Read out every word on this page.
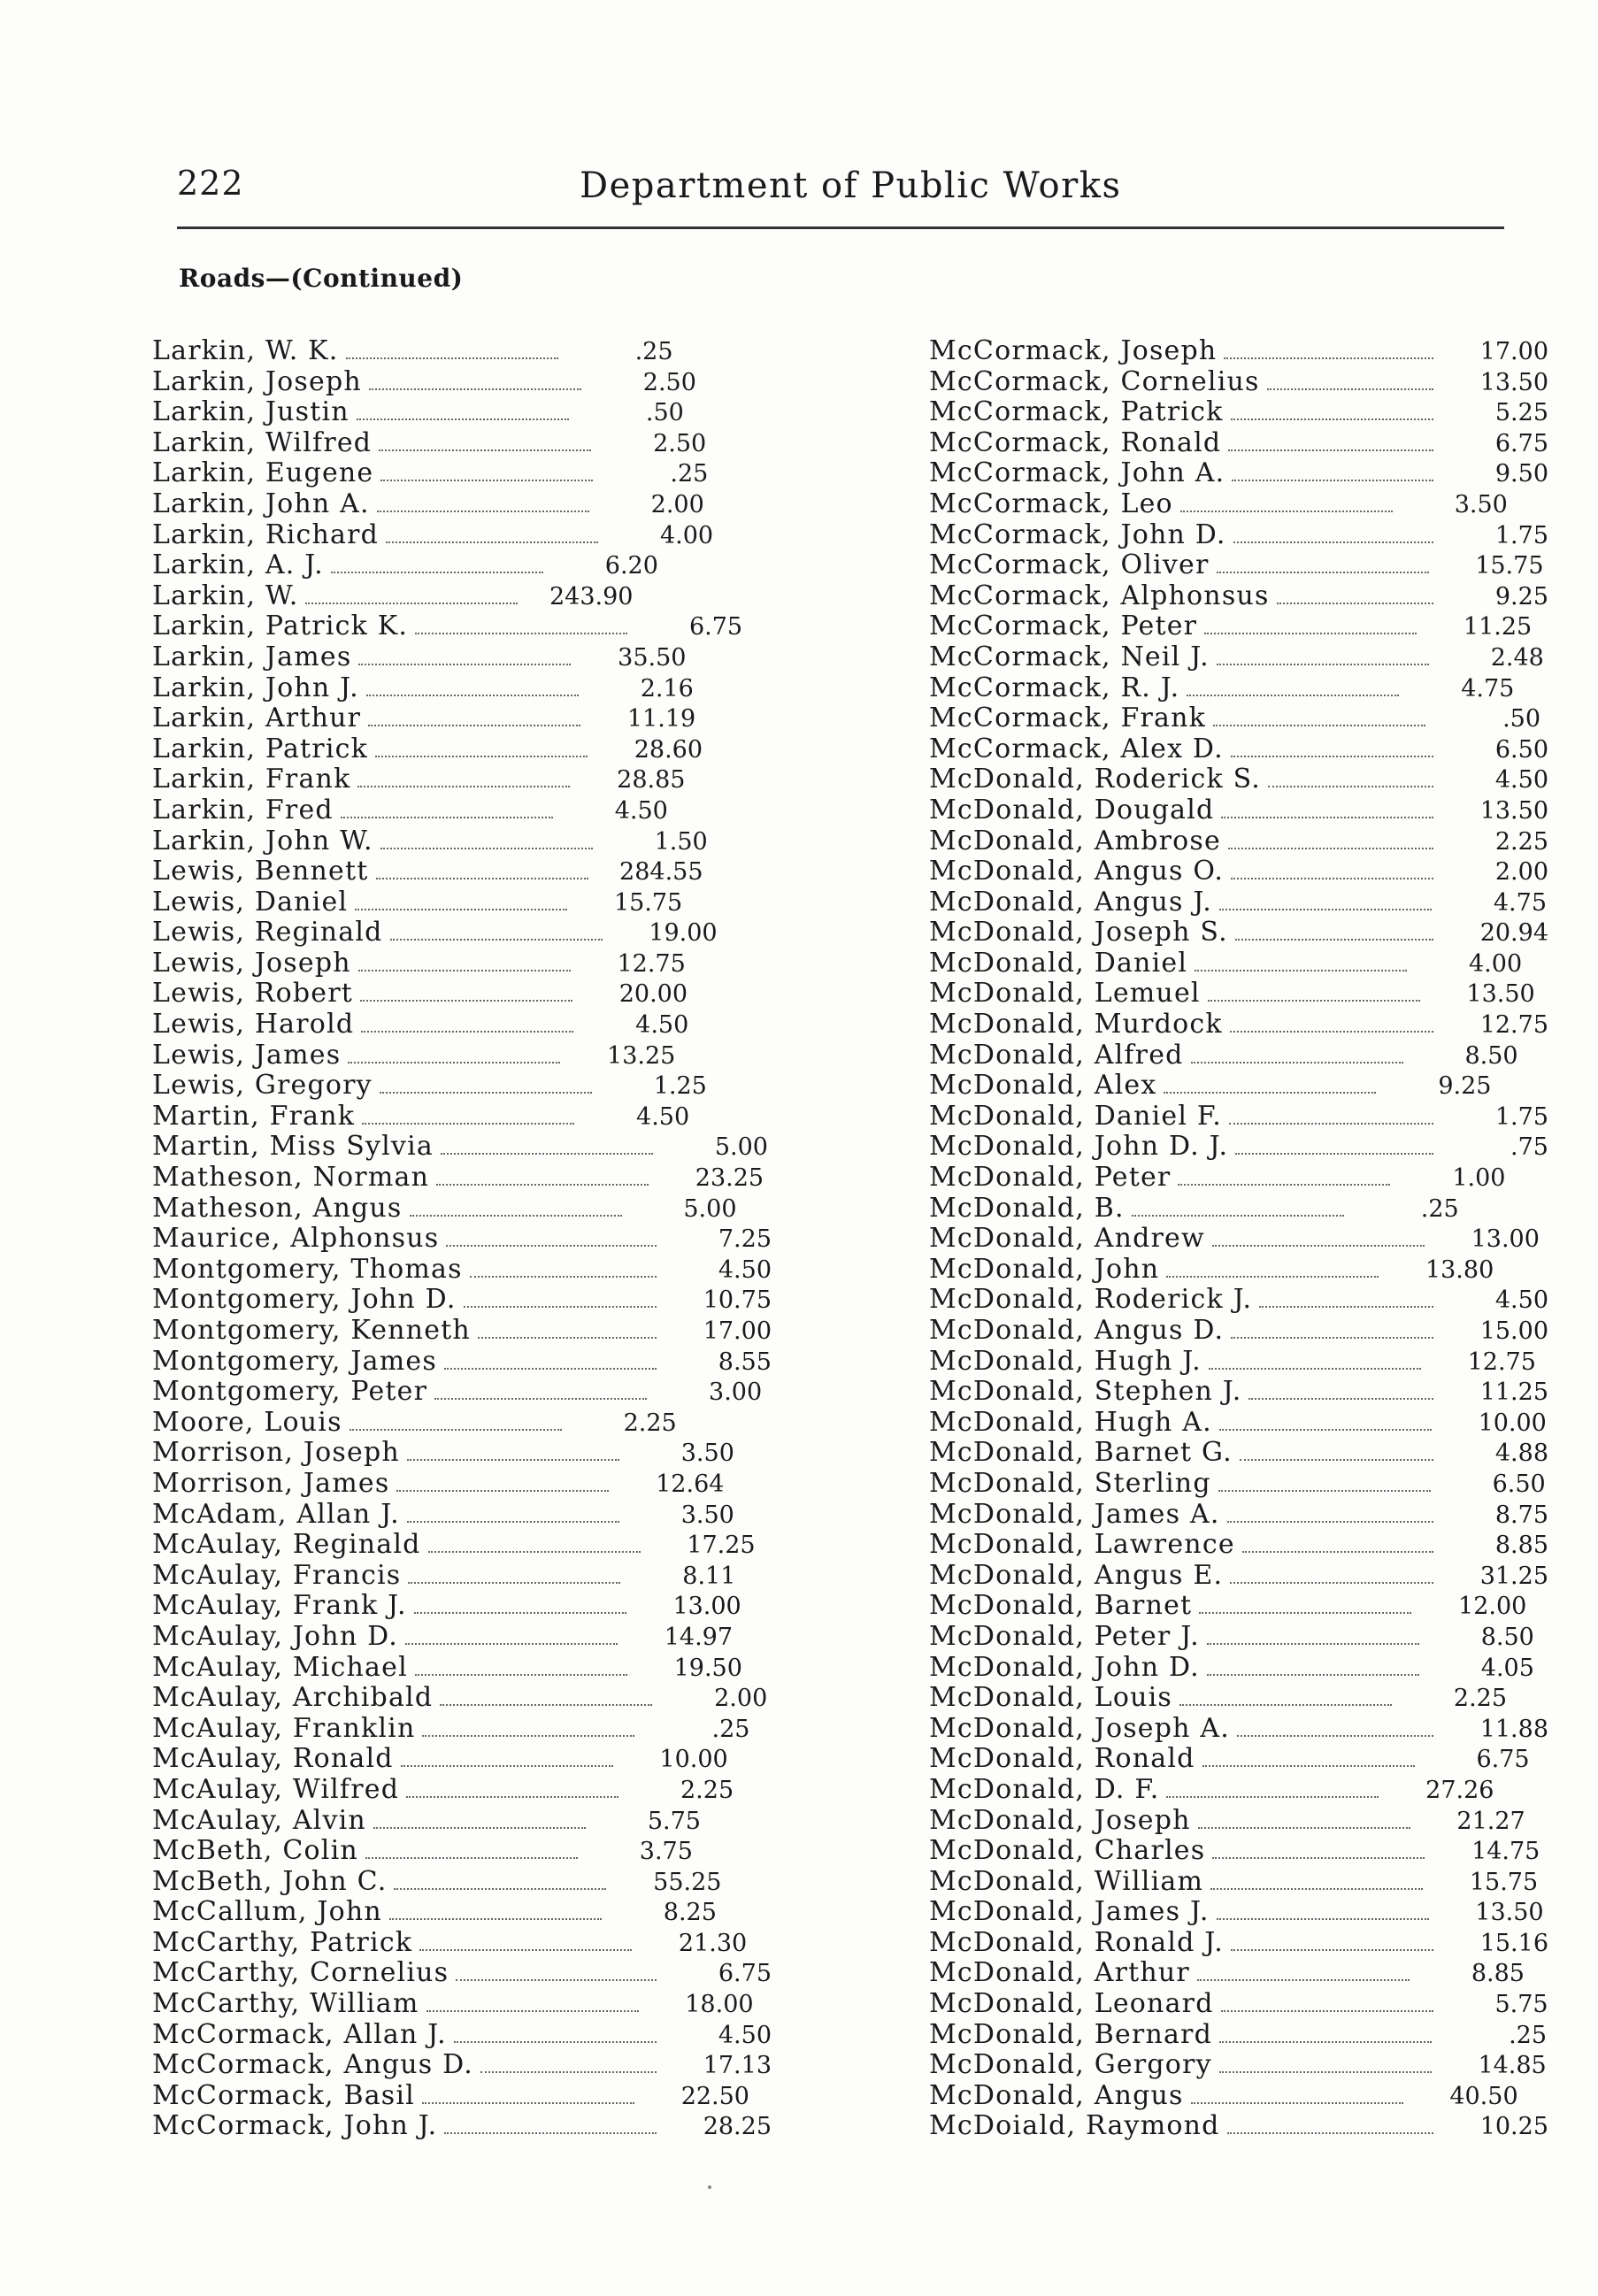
222	Department of Public Works
Roads—(Continued)
Larkin, W. K.	.25
Larkin, Joseph	2.50
Larkin, Justin	.50
Larkin, Wilfred	2.50
Larkin, Eugene	.25
Larkin, John A.	2.00
Larkin, Richard	4.00
Larkin, A. J.	6.20
Larkin, W.	243.90
Larkin, Patrick K.	6.75
Larkin, James	35.50
Larkin, John J.	2.16
Larkin, Arthur	11.19
Larkin, Patrick	28.60
Larkin, Frank	28.85
Larkin, Fred	4.50
Larkin, John W.	1.50
Lewis, Bennett	284.55
Lewis, Daniel	15.75
Lewis, Reginald	19.00
Lewis, Joseph	12.75
Lewis, Robert	20.00
Lewis, Harold	4.50
Lewis, James	13.25
Lewis, Gregory	1.25
Martin, Frank	4.50
Martin, Miss Sylvia	5.00
Matheson, Norman	23.25
Matheson, Angus	5.00
Maurice, Alphonsus	7.25
Montgomery, Thomas	4.50
Montgomery, John D.	10.75
Montgomery, Kenneth	17.00
Montgomery, James	8.55
Montgomery, Peter	3.00
Moore, Louis	2.25
Morrison, Joseph	3.50
Morrison, James	12.64
McAdam, Allan J.	3.50
McAulay, Reginald	17.25
McAulay, Francis	8.11
McAulay, Frank J.	13.00
McAulay, John D.	14.97
McAulay, Michael	19.50
McAulay, Archibald	2.00
McAulay, Franklin	.25
McAulay, Ronald	10.00
McAulay, Wilfred	2.25
McAulay, Alvin	5.75
McBeth, Colin	3.75
McBeth, John C.	55.25
McCallum, John	8.25
McCarthy, Patrick	21.30
McCarthy, Cornelius	6.75
McCarthy, William	18.00
McCormack, Allan J.	4.50
McCormack, Angus D.	17.13
McCormack, Basil	22.50
McCormack, John J.	28.25
McCormack, Joseph	17.00
McCormack, Cornelius	13.50
McCormack, Patrick	5.25
McCormack, Ronald	6.75
McCormack, John A.	9.50
McCormack, Leo	3.50
McCormack, John D.	1.75
McCormack, Oliver	15.75
McCormack, Alphonsus	9.25
McCormack, Peter	11.25
McCormack, Neil J.	2.48
McCormack, R. J.	4.75
McCormack, Frank	.50
McCormack, Alex D.	6.50
McDonald, Roderick S.	4.50
McDonald, Dougald	13.50
McDonald, Ambrose	2.25
McDonald, Angus O.	2.00
McDonald, Angus J.	4.75
McDonald, Joseph S.	20.94
McDonald, Daniel	4.00
McDonald, Lemuel	13.50
McDonald, Murdock	12.75
McDonald, Alfred	8.50
McDonald, Alex	9.25
McDonald, Daniel F.	1.75
McDonald, John D. J.	.75
McDonald, Peter	1.00
McDonald, B.	.25
McDonald, Andrew	13.00
McDonald, John	13.80
McDonald, Roderick J.	4.50
McDonald, Angus D.	15.00
McDonald, Hugh J.	12.75
McDonald, Stephen J.	11.25
McDonald, Hugh A.	10.00
McDonald, Barnet G.	4.88
McDonald, Sterling	6.50
McDonald, James A.	8.75
McDonald, Lawrence	8.85
McDonald, Angus E.	31.25
McDonald, Barnet	12.00
McDonald, Peter J.	8.50
McDonald, John D.	4.05
McDonald, Louis	2.25
McDonald, Joseph A.	11.88
McDonald, Ronald	6.75
McDonald, D. F.	27.26
McDonald, Joseph	21.27
McDonald, Charles	14.75
McDonald, William	15.75
McDonald, James J.	13.50
McDonald, Ronald J.	15.16
McDonald, Arthur	8.85
McDonald, Leonard	5.75
McDonald, Bernard	.25
McDonald, Gergory	14.85
McDonald, Angus	40.50
McDoiald, Raymond	10.25
